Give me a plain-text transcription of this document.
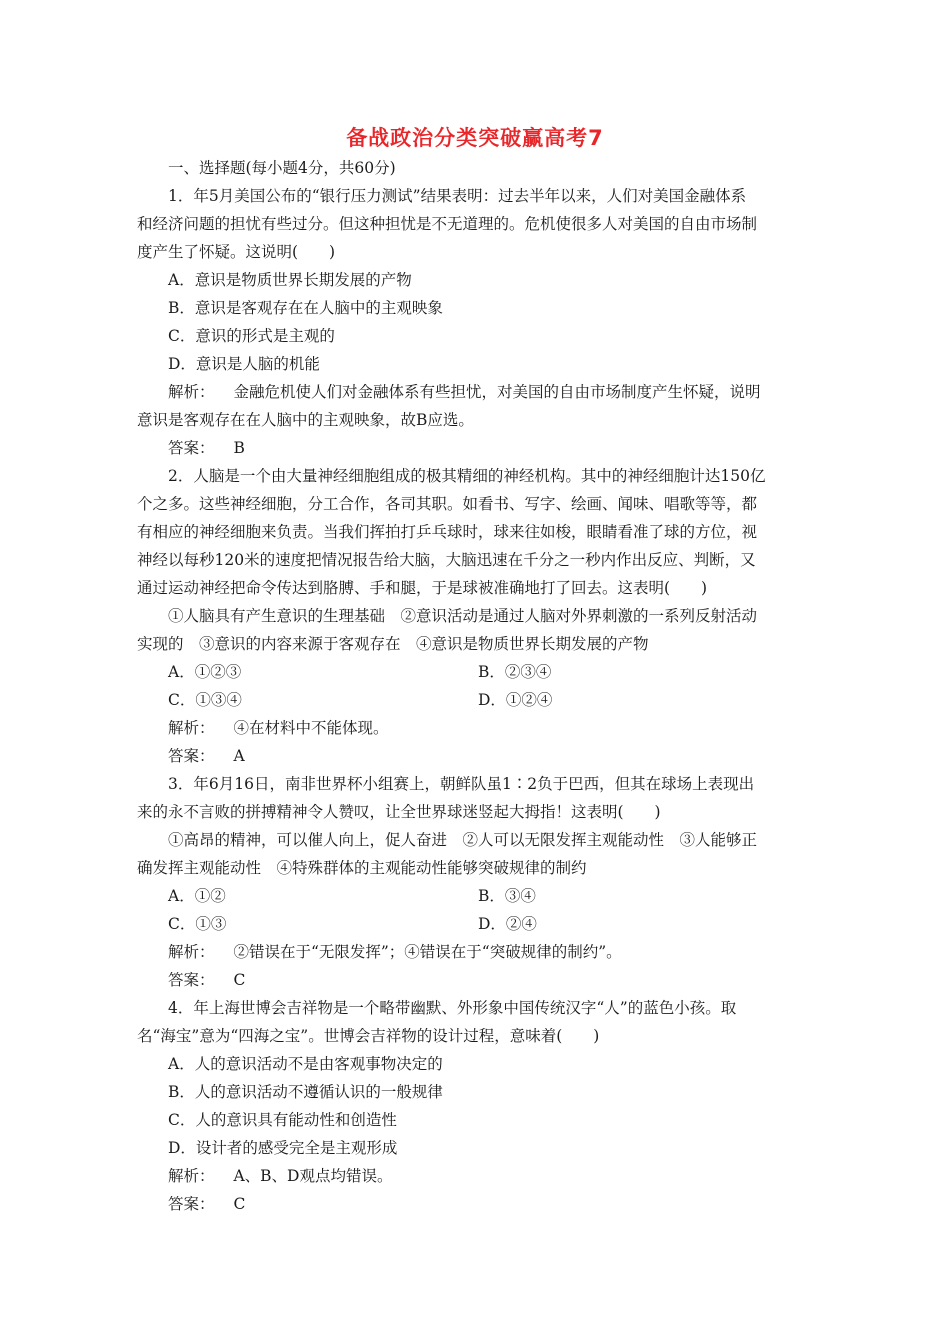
备战政治分类突破赢高考7
一、选择题(每小题4分，共60分)
1．年5月美国公布的“银行压力测试”结果表明：过去半年以来，人们对美国金融体系
和经济问题的担忧有些过分。但这种担忧是不无道理的。危机使很多人对美国的自由市场制
度产生了怀疑。这说明(　　)
A．意识是物质世界长期发展的产物
B．意识是客观存在在人脑中的主观映象
C．意识的形式是主观的
D．意识是人脑的机能
解析： 金融危机使人们对金融体系有些担忧，对美国的自由市场制度产生怀疑，说明
意识是客观存在在人脑中的主观映象，故B应选。
答案： B
2．人脑是一个由大量神经细胞组成的极其精细的神经机构。其中的神经细胞计达150亿
个之多。这些神经细胞，分工合作，各司其职。如看书、写字、绘画、闻味、唱歌等等，都
有相应的神经细胞来负责。当我们挥拍打乒乓球时，球来往如梭，眼睛看准了球的方位，视
神经以每秒120米的速度把情况报告给大脑，大脑迅速在千分之一秒内作出反应、判断，又
通过运动神经把命令传达到胳膊、手和腿，于是球被准确地打了回去。这表明(　　)
①人脑具有产生意识的生理基础　②意识活动是通过人脑对外界刺激的一系列反射活动
实现的　③意识的内容来源于客观存在　④意识是物质世界长期发展的产物
A．①②③	B．②③④
C．①③④	D．①②④
解析： ④在材料中不能体现。
答案： A
3．年6月16日，南非世界杯小组赛上，朝鲜队虽1∶2负于巴西，但其在球场上表现出
来的永不言败的拼搏精神令人赞叹，让全世界球迷竖起大拇指！这表明(　　)
①高昂的精神，可以催人向上，促人奋进　②人可以无限发挥主观能动性　③人能够正
确发挥主观能动性　④特殊群体的主观能动性能够突破规律的制约
A．①②	B．③④
C．①③	D．②④
解析： ②错误在于“无限发挥”；④错误在于“突破规律的制约”。
答案： C
4．年上海世博会吉祥物是一个略带幽默、外形象中国传统汉字“人”的蓝色小孩。取
名“海宝”意为“四海之宝”。世博会吉祥物的设计过程，意味着(　　)
A．人的意识活动不是由客观事物决定的
B．人的意识活动不遵循认识的一般规律
C．人的意识具有能动性和创造性
D．设计者的感受完全是主观形成
解析： A、B、D观点均错误。
答案： C
